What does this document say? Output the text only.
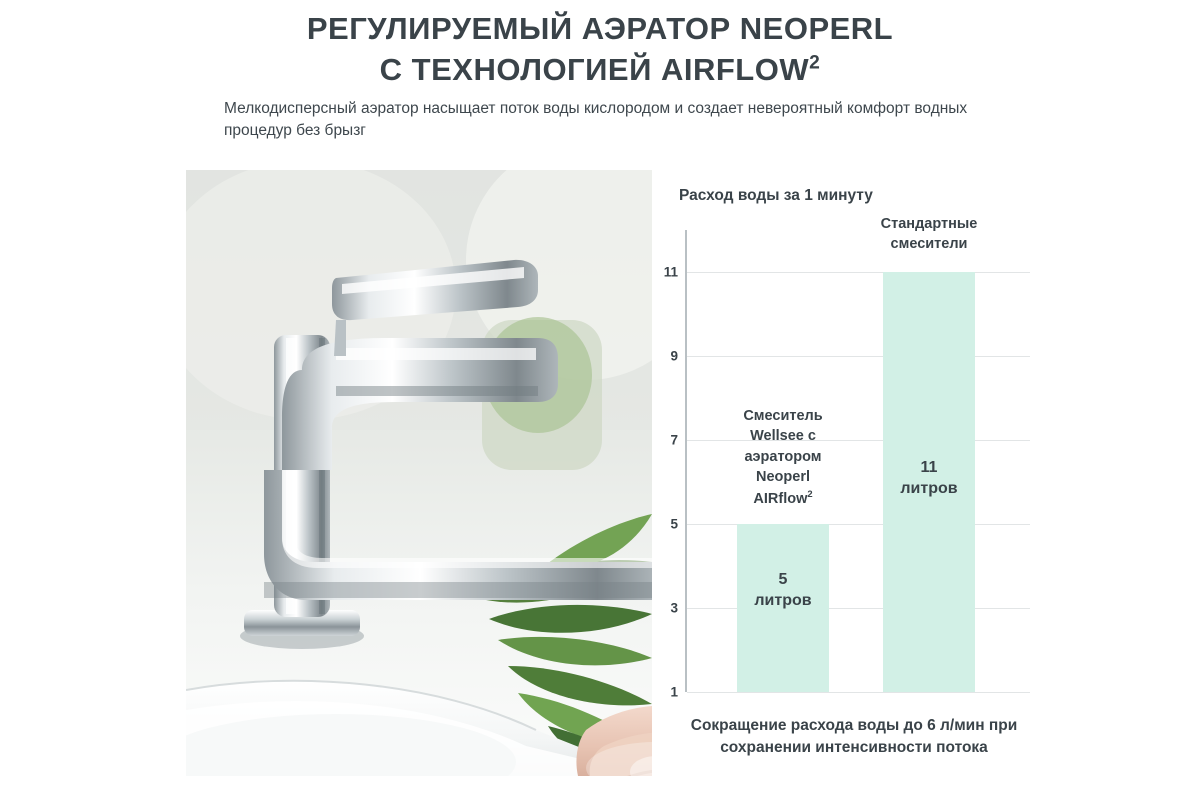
РЕГУЛИРУЕМЫЙ АЭРАТОР NEOPERL
С ТЕХНОЛОГИЕЙ AIRFLOW$^2$
Мелкодисперсный аэратор насыщает поток воды кислородом и создает невероятный комфорт водных процедур без брызг
Расход воды за 1 минуту
1
3
5
7
9
11
5
литров
Смеситель
Wellsee с
аэратором
Neoperl
AIRflow$^2$
11
литров
Стандартные
смесители
Сокращение расхода воды до 6 л/мин при сохранении интенсивности потока
